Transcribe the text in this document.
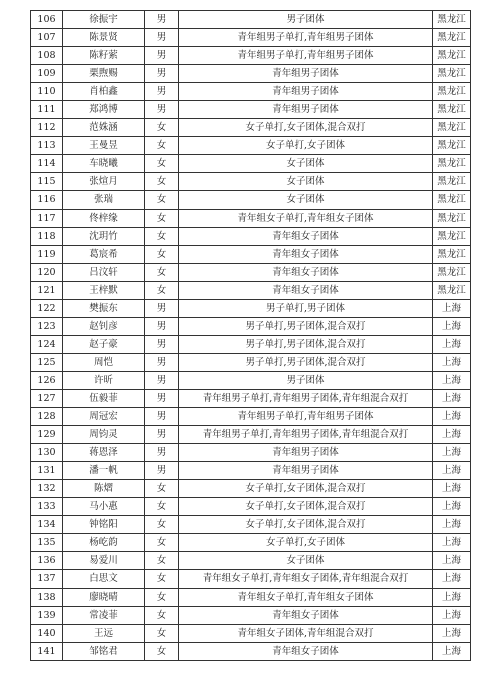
106	徐振宇	男	男子团体	黑龙江
107	陈景贤	男	青年组男子单打,青年组男子团体	黑龙江
108	陈籽萦	男	青年组男子单打,青年组男子团体	黑龙江
109	栗煦赐	男	青年组男子团体	黑龙江
110	肖柏鑫	男	青年组男子团体	黑龙江
111	郑鸿博	男	青年组男子团体	黑龙江
112	范姝涵	女	女子单打,女子团体,混合双打	黑龙江
113	王曼昱	女	女子单打,女子团体	黑龙江
114	车晓曦	女	女子团体	黑龙江
115	张煊月	女	女子团体	黑龙江
116	张瑞	女	女子团体	黑龙江
117	佟梓缘	女	青年组女子单打,青年组女子团体	黑龙江
118	沈玥竹	女	青年组女子团体	黑龙江
119	葛宸希	女	青年组女子团体	黑龙江
120	吕汶轩	女	青年组女子团体	黑龙江
121	王梓默	女	青年组女子团体	黑龙江
122	樊振东	男	男子单打,男子团体	上海
123	赵钊彦	男	男子单打,男子团体,混合双打	上海
124	赵子豪	男	男子单打,男子团体,混合双打	上海
125	周恺	男	男子单打,男子团体,混合双打	上海
126	许昕	男	男子团体	上海
127	伍毅菲	男	青年组男子单打,青年组男子团体,青年组混合双打	上海
128	周冠宏	男	青年组男子单打,青年组男子团体	上海
129	周钧灵	男	青年组男子单打,青年组男子团体,青年组混合双打	上海
130	蒋恩泽	男	青年组男子团体	上海
131	潘一帆	男	青年组男子团体	上海
132	陈熠	女	女子单打,女子团体,混合双打	上海
133	马小惠	女	女子单打,女子团体,混合双打	上海
134	钟铭阳	女	女子单打,女子团体,混合双打	上海
135	杨屹韵	女	女子单打,女子团体	上海
136	易爱川	女	女子团体	上海
137	白思文	女	青年组女子单打,青年组女子团体,青年组混合双打	上海
138	廖晓晴	女	青年组女子单打,青年组女子团体	上海
139	常凌菲	女	青年组女子团体	上海
140	王远	女	青年组女子团体,青年组混合双打	上海
141	邹铭君	女	青年组女子团体	上海
